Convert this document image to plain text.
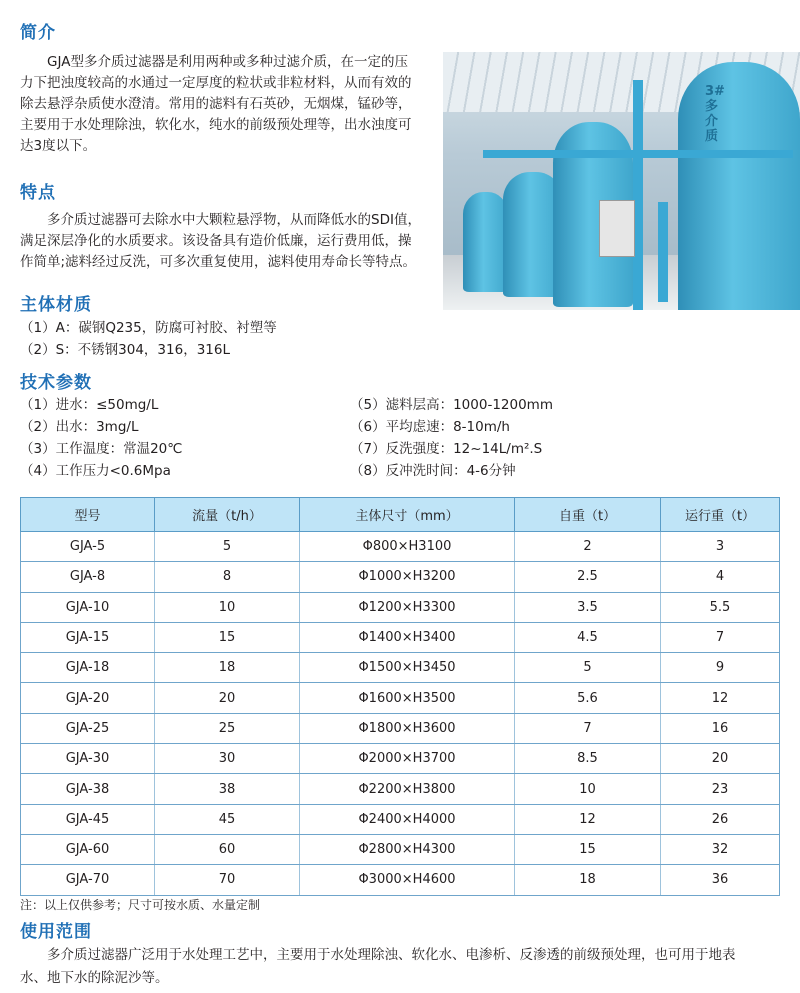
简介
GJA型多介质过滤器是利用两种或多种过滤介质，在一定的压
力下把浊度较高的水通过一定厚度的粒状或非粒材料，从而有效的
除去悬浮杂质使水澄清。常用的滤料有石英砂，无烟煤，锰砂等，
主要用于水处理除浊，软化水，纯水的前级预处理等，出水浊度可
达3度以下。
特点
多介质过滤器可去除水中大颗粒悬浮物，从而降低水的SDI值，
满足深层净化的水质要求。该设备具有造价低廉，运行费用低，操
作简单;滤料经过反洗，可多次重复使用，滤料使用寿命长等特点。
3#
多
介
质
主体材质
（1）A：碳钢Q235，防腐可衬胶、衬塑等
（2）S：不锈钢304，316，316L
技术参数
（1）进水：≤50mg/L
（2）出水：3mg/L
（3）工作温度：常温20℃
（4）工作压力<0.6Mpa
（5）滤料层高：1000-1200mm
（6）平均虑速：8-10m/h
（7）反洗强度：12~14L/m².S
（8）反冲洗时间：4-6分钟
型号	流量（t/h）	主体尺寸（mm）	自重（t）	运行重（t）
GJA-5	5	Φ800×H3100	2	3
GJA-8	8	Φ1000×H3200	2.5	4
GJA-10	10	Φ1200×H3300	3.5	5.5
GJA-15	15	Φ1400×H3400	4.5	7
GJA-18	18	Φ1500×H3450	5	9
GJA-20	20	Φ1600×H3500	5.6	12
GJA-25	25	Φ1800×H3600	7	16
GJA-30	30	Φ2000×H3700	8.5	20
GJA-38	38	Φ2200×H3800	10	23
GJA-45	45	Φ2400×H4000	12	26
GJA-60	60	Φ2800×H4300	15	32
GJA-70	70	Φ3000×H4600	18	36

注：以上仅供参考；尺寸可按水质、水量定制

使用范围
多介质过滤器广泛用于水处理工艺中，主要用于水处理除浊、软化水、电渗析、反渗透的前级预处理，也可用于地表
水、地下水的除泥沙等。
